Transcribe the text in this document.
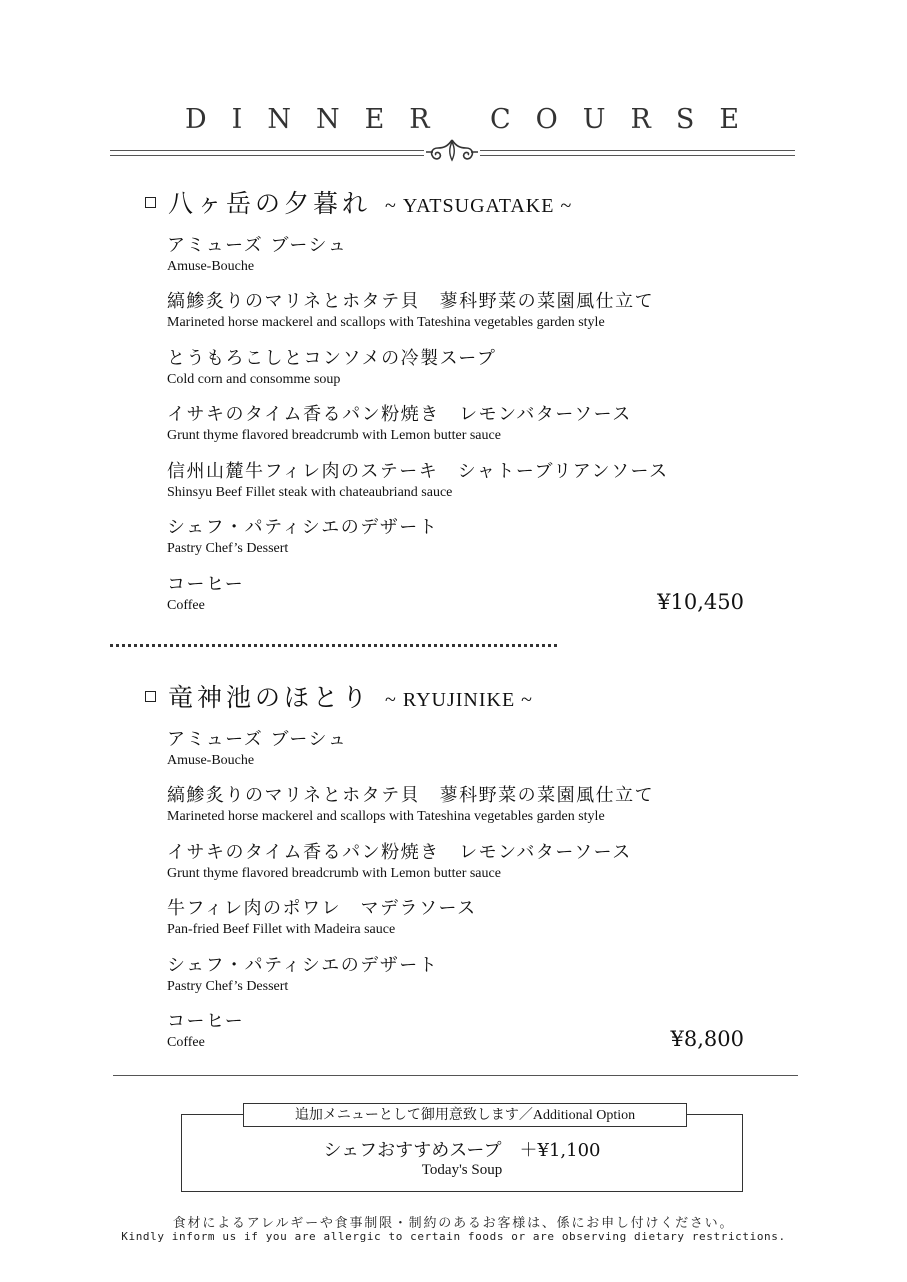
DINNER COURSE
八ヶ岳の夕暮れ ~ YATSUGATAKE ~
アミューズ ブーシュ
Amuse-Bouche
縞鯵炙りのマリネとホタテ貝　蓼科野菜の菜園風仕立て
Marineted horse mackerel and scallops with Tateshina vegetables garden style
とうもろこしとコンソメの冷製スープ
Cold corn and consomme soup
イサキのタイム香るパン粉焼き　レモンバターソース
Grunt thyme flavored breadcrumb with Lemon butter sauce
信州山麓牛フィレ肉のステーキ　シャトーブリアンソース
Shinsyu Beef Fillet steak with chateaubriand sauce
シェフ・パティシエのデザート
Pastry Chef’s Dessert
コーヒー
Coffee	¥10,450
竜神池のほとり ~ RYUJINIKE ~
アミューズ ブーシュ
Amuse-Bouche
縞鯵炙りのマリネとホタテ貝　蓼科野菜の菜園風仕立て
Marineted horse mackerel and scallops with Tateshina vegetables garden style
イサキのタイム香るパン粉焼き　レモンバターソース
Grunt thyme flavored breadcrumb with Lemon butter sauce
牛フィレ肉のポワレ　マデラソース
Pan-fried Beef Fillet with Madeira sauce
シェフ・パティシエのデザート
Pastry Chef’s Dessert
コーヒー
Coffee	¥8,800
追加メニューとして御用意致します／Additional Option
シェフおすすめスープ　＋¥1,100
Today's Soup
食材によるアレルギーや食事制限・制約のあるお客様は、係にお申し付けください。
Kindly inform us if you are allergic to certain foods or are observing dietary restrictions.
